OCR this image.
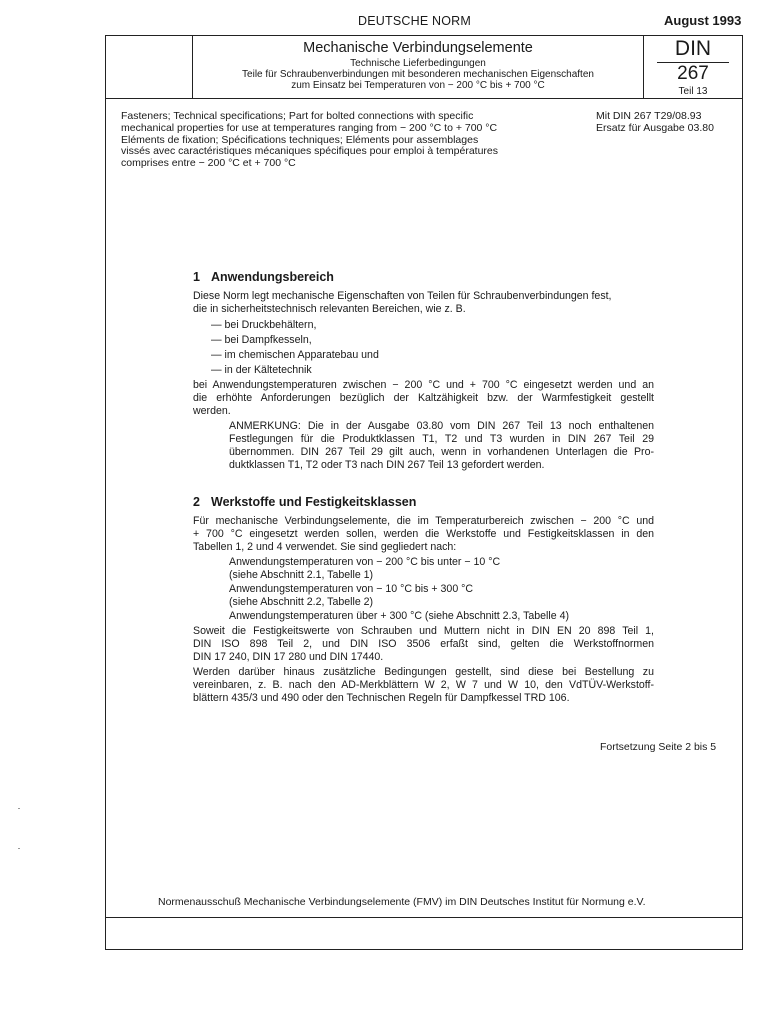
DEUTSCHE NORM	August 1993
Mechanische Verbindungselemente
Technische Lieferbedingungen
Teile für Schraubenverbindungen mit besonderen mechanischen Eigenschaften
zum Einsatz bei Temperaturen von − 200 °C bis + 700 °C
DIN
267
Teil 13
Fasteners; Technical specifications; Part for bolted connections with specific
mechanical properties for use at temperatures ranging from − 200 °C to + 700 °C
Eléments de fixation; Spécifications techniques; Eléments pour assemblages
vissés avec caractéristiques mécaniques spécifiques pour emploi à températures
comprises entre − 200 °C et + 700 °C
Mit DIN 267 T29/08.93
Ersatz für Ausgabe 03.80
1 Anwendungsbereich
Diese Norm legt mechanische Eigenschaften von Teilen für Schraubenverbindungen fest,
die in sicherheitstechnisch relevanten Bereichen, wie z. B.
— bei Druckbehältern,
— bei Dampfkesseln,
— im chemischen Apparatebau und
— in der Kältetechnik
bei Anwendungstemperaturen zwischen − 200 °C und + 700 °C eingesetzt werden und an
die erhöhte Anforderungen bezüglich der Kaltzähigkeit bzw. der Warmfestigkeit gestellt
werden.
ANMERKUNG: Die in der Ausgabe 03.80 vom DIN 267 Teil 13 noch enthaltenen
Festlegungen für die Produktklassen T1, T2 und T3 wurden in DIN 267 Teil 29
übernommen. DIN 267 Teil 29 gilt auch, wenn in vorhandenen Unterlagen die Pro-
duktklassen T1, T2 oder T3 nach DIN 267 Teil 13 gefordert werden.
2 Werkstoffe und Festigkeitsklassen
Für mechanische Verbindungselemente, die im Temperaturbereich zwischen − 200 °C und
+ 700 °C eingesetzt werden sollen, werden die Werkstoffe und Festigkeitsklassen in den
Tabellen 1, 2 und 4 verwendet. Sie sind gegliedert nach:
Anwendungstemperaturen von − 200 °C bis unter − 10 °C
(siehe Abschnitt 2.1, Tabelle 1)
Anwendungstemperaturen von − 10 °C bis + 300 °C
(siehe Abschnitt 2.2, Tabelle 2)
Anwendungstemperaturen über + 300 °C (siehe Abschnitt 2.3, Tabelle 4)
Soweit die Festigkeitswerte von Schrauben und Muttern nicht in DIN EN 20 898 Teil 1,
DIN ISO 898 Teil 2, und DIN ISO 3506 erfaßt sind, gelten die Werkstoffnormen
DIN 17 240, DIN 17 280 und DIN 17440.
Werden darüber hinaus zusätzliche Bedingungen gestellt, sind diese bei Bestellung zu
vereinbaren, z. B. nach den AD-Merkblättern W 2, W 7 und W 10, den VdTÜV-Werkstoff-
blättern 435/3 und 490 oder den Technischen Regeln für Dampfkessel TRD 106.
Fortsetzung Seite 2 bis 5
Normenausschuß Mechanische Verbindungselemente (FMV) im DIN Deutsches Institut für Normung e.V.
